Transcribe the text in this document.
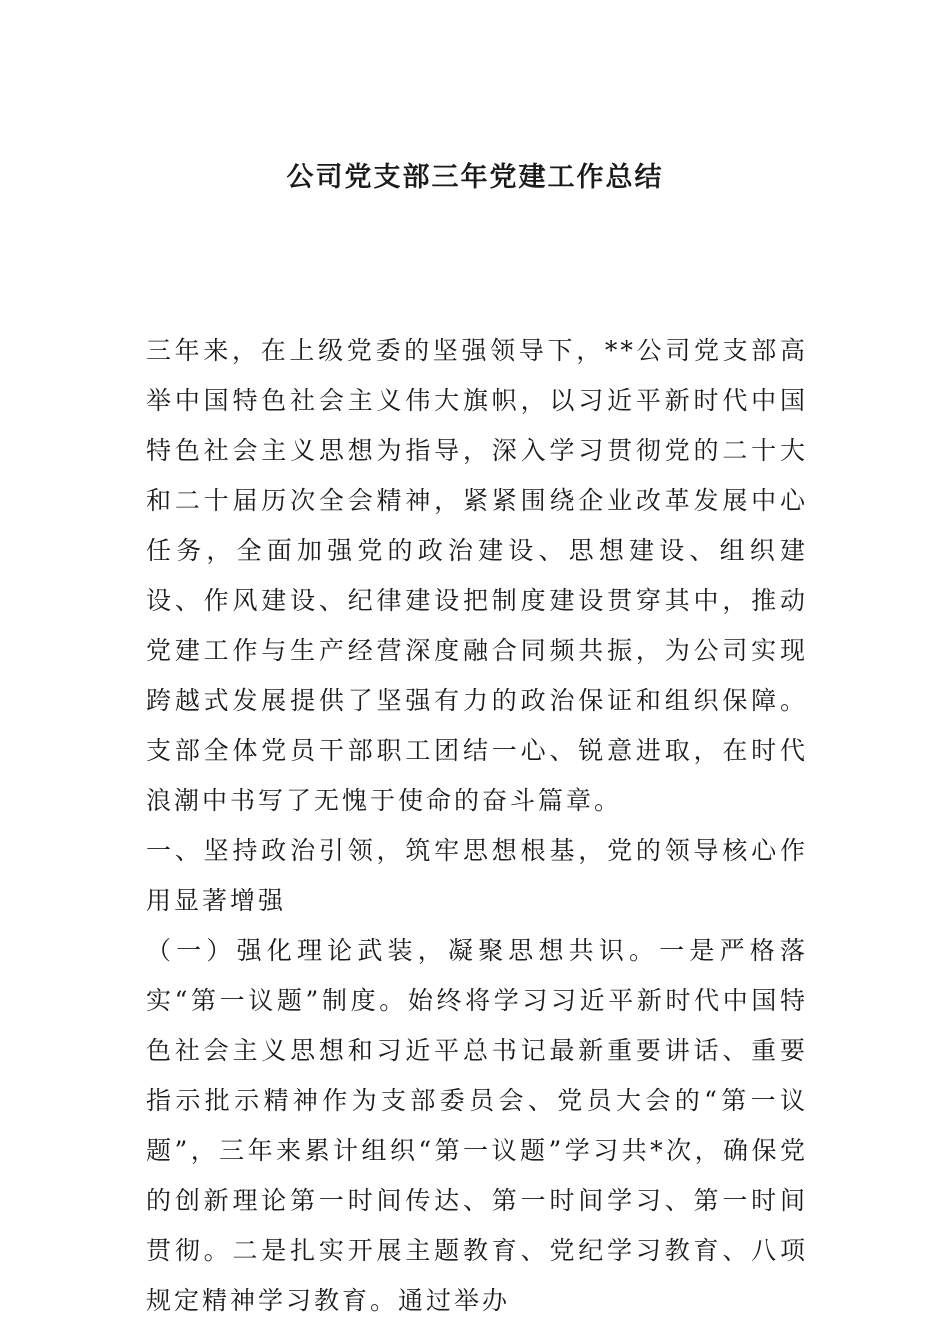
公司党支部三年党建工作总结

三年来，在上级党委的坚强领导下，**公司党支部高举中国特色社会主义伟大旗帜，以习近平新时代中国特色社会主义思想为指导，深入学习贯彻党的二十大和二十届历次全会精神，紧紧围绕企业改革发展中心任务，全面加强党的政治建设、思想建设、组织建设、作风建设、纪律建设把制度建设贯穿其中，推动党建工作与生产经营深度融合同频共振，为公司实现跨越式发展提供了坚强有力的政治保证和组织保障。支部全体党员干部职工团结一心、锐意进取，在时代浪潮中书写了无愧于使命的奋斗篇章。

一、坚持政治引领，筑牢思想根基，党的领导核心作用显著增强

（一）强化理论武装，凝聚思想共识。一是严格落实“第一议题”制度。始终将学习习近平新时代中国特色社会主义思想和习近平总书记最新重要讲话、重要指示批示精神作为支部委员会、党员大会的“第一议题”，三年来累计组织“第一议题”学习共*次，确保党的创新理论第一时间传达、第一时间学习、第一时间贯彻。二是扎实开展主题教育、党纪学习教育、八项规定精神学习教育。通过举办
